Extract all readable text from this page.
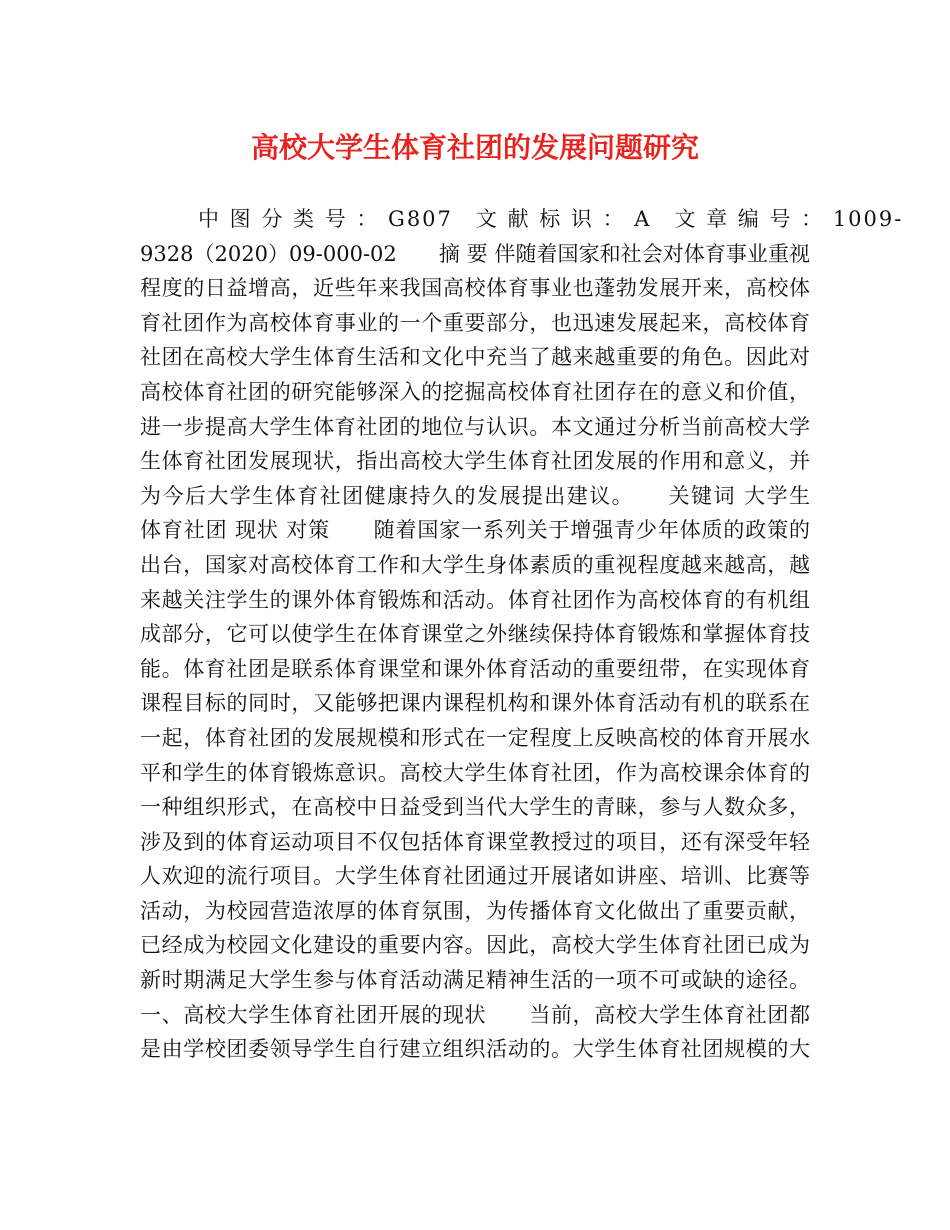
高校大学生体育社团的发展问题研究
中 图 分 类 号 ： G807　文 献 标 识 ： A　文 章 编 号 ： 1009-
9328（2020）09-000-02　　摘 要 伴随着国家和社会对体育事业重视
程度的日益增高，近些年来我国高校体育事业也蓬勃发展开来，高校体
育社团作为高校体育事业的一个重要部分，也迅速发展起来，高校体育
社团在高校大学生体育生活和文化中充当了越来越重要的角色。因此对
高校体育社团的研究能够深入的挖掘高校体育社团存在的意义和价值，
进一步提高大学生体育社团的地位与认识。本文通过分析当前高校大学
生体育社团发展现状，指出高校大学生体育社团发展的作用和意义，并
为今后大学生体育社团健康持久的发展提出建议。　　关键词 大学生
体育社团 现状 对策　　随着国家一系列关于增强青少年体质的政策的
出台，国家对高校体育工作和大学生身体素质的重视程度越来越高，越
来越关注学生的课外体育锻炼和活动。体育社团作为高校体育的有机组
成部分，它可以使学生在体育课堂之外继续保持体育锻炼和掌握体育技
能。体育社团是联系体育课堂和课外体育活动的重要纽带，在实现体育
课程目标的同时，又能够把课内课程机构和课外体育活动有机的联系在
一起，体育社团的发展规模和形式在一定程度上反映高校的体育开展水
平和学生的体育锻炼意识。高校大学生体育社团，作为高校课余体育的
一种组织形式，在高校中日益受到当代大学生的青睐，参与人数众多，
涉及到的体育运动项目不仅包括体育课堂教授过的项目，还有深受年轻
人欢迎的流行项目。大学生体育社团通过开展诸如讲座、培训、比赛等
活动，为校园营造浓厚的体育氛围，为传播体育文化做出了重要贡献，
已经成为校园文化建设的重要内容。因此，高校大学生体育社团已成为
新时期满足大学生参与体育活动满足精神生活的一项不可或缺的途径。
一、高校大学生体育社团开展的现状　　当前，高校大学生体育社团都
是由学校团委领导学生自行建立组织活动的。大学生体育社团规模的大
